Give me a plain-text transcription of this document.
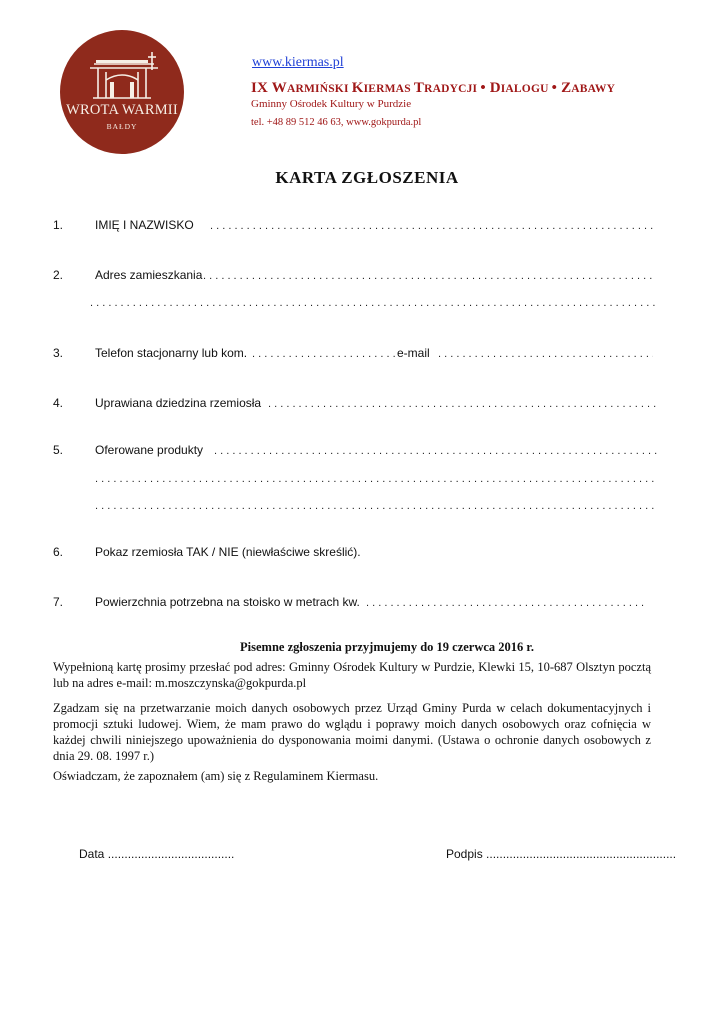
WROTA WARMII
BAŁDY
www.kiermas.pl
IX WARMIŃSKI KIERMAS TRADYCJI • DIALOGU • ZABAWY
Gminny Ośrodek Kultury w Purdzie
tel. +48 89 512 46 63, www.gokpurda.pl
KARTA ZGŁOSZENIA
1.	IMIĘ I NAZWISKO
. . .
2.	Adres zamieszkania
. . .
. . .
3.	Telefon stacjonarny lub kom.
. . .	e-mail
. . .
4.	Uprawiana dziedzina rzemiosła
. . .
5.	Oferowane produkty
. . .
. . .
. . .
6.	Pokaz rzemiosła TAK / NIE (niewłaściwe skreślić).
7.	Powierzchnia potrzebna na stoisko w metrach kw.
. . .
Pisemne zgłoszenia przyjmujemy do 19 czerwca 2016 r.
Wypełnioną kartę prosimy przesłać pod adres: Gminny Ośrodek Kultury w Purdzie, Klewki 15, 10-687 Olsztyn pocztą lub na adres e-mail: m.moszczynska@gokpurda.pl
Zgadzam się na przetwarzanie moich danych osobowych przez Urząd Gminy Purda w celach dokumentacyjnych i promocji sztuki ludowej. Wiem, że mam prawo do wglądu i poprawy moich danych osobowych oraz cofnięcia w każdej chwili niniejszego upoważnienia do dysponowania moimi danymi. (Ustawa o ochronie danych osobowych z dnia 29. 08. 1997 r.)
Oświadczam, że zapoznałem (am) się z Regulaminem Kiermasu.
Data ......................................	Podpis .........................................................
